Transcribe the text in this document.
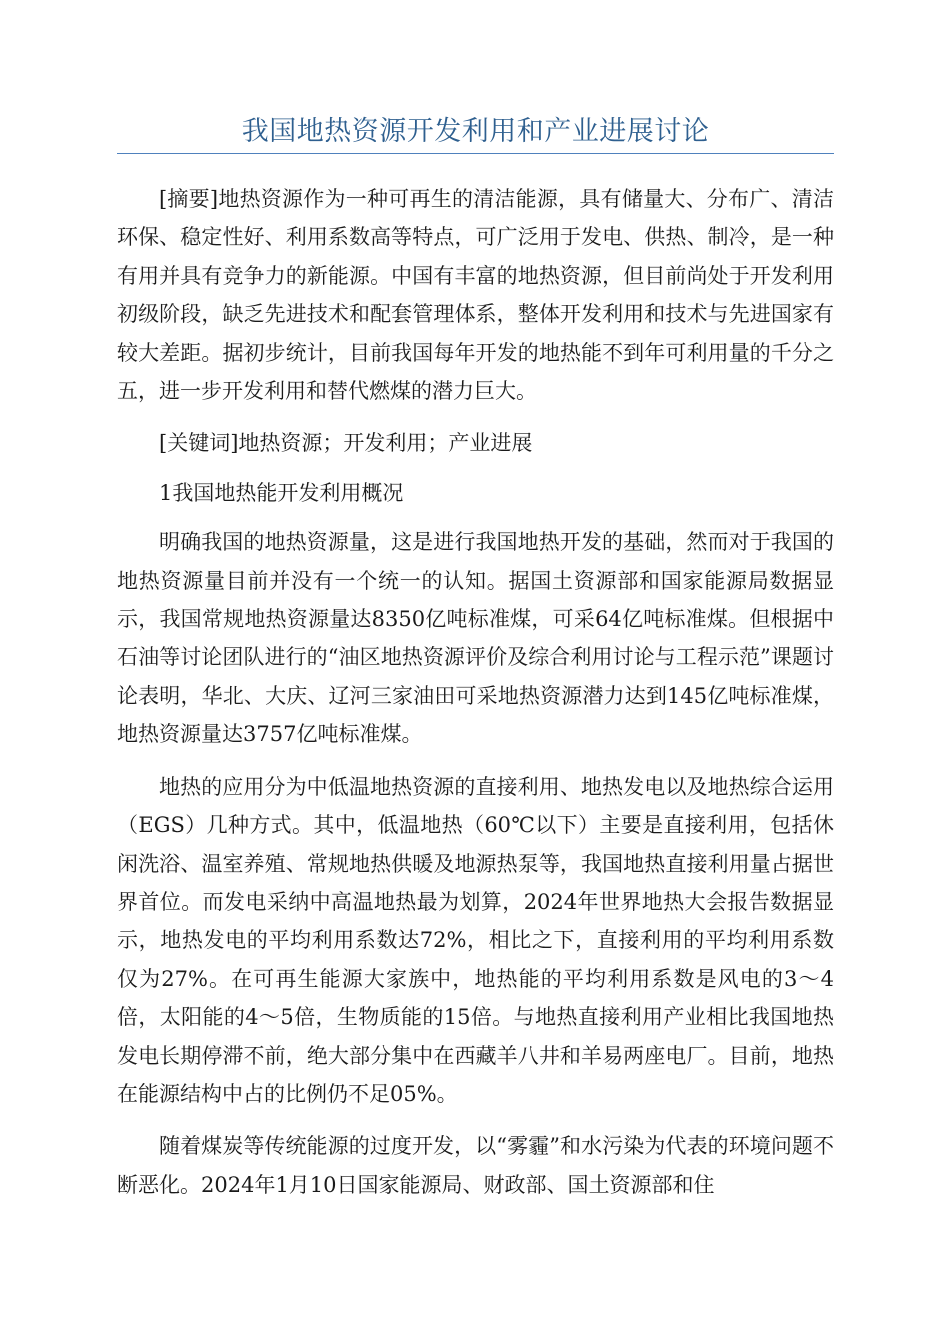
我国地热资源开发利用和产业进展讨论

[摘要]地热资源作为一种可再生的清洁能源，具有储量大、分布广、清洁环保、稳定性好、利用系数高等特点，可广泛用于发电、供热、制冷，是一种有用并具有竞争力的新能源。中国有丰富的地热资源，但目前尚处于开发利用初级阶段，缺乏先进技术和配套管理体系，整体开发利用和技术与先进国家有较大差距。据初步统计，目前我国每年开发的地热能不到年可利用量的千分之五，进一步开发利用和替代燃煤的潜力巨大。

[关键词]地热资源；开发利用；产业进展

1我国地热能开发利用概况

明确我国的地热资源量，这是进行我国地热开发的基础，然而对于我国的地热资源量目前并没有一个统一的认知。据国土资源部和国家能源局数据显示，我国常规地热资源量达8350亿吨标准煤，可采64亿吨标准煤。但根据中石油等讨论团队进行的“油区地热资源评价及综合利用讨论与工程示范”课题讨论表明，华北、大庆、辽河三家油田可采地热资源潜力达到145亿吨标准煤，地热资源量达3757亿吨标准煤。

地热的应用分为中低温地热资源的直接利用、地热发电以及地热综合运用（EGS）几种方式。其中，低温地热（60℃以下）主要是直接利用，包括休闲洗浴、温室养殖、常规地热供暖及地源热泵等，我国地热直接利用量占据世界首位。而发电采纳中高温地热最为划算，2024年世界地热大会报告数据显示，地热发电的平均利用系数达72%，相比之下，直接利用的平均利用系数仅为27%。在可再生能源大家族中，地热能的平均利用系数是风电的3～4倍，太阳能的4～5倍，生物质能的15倍。与地热直接利用产业相比我国地热发电长期停滞不前，绝大部分集中在西藏羊八井和羊易两座电厂。目前，地热在能源结构中占的比例仍不足05%。

随着煤炭等传统能源的过度开发，以“雾霾”和水污染为代表的环境问题不断恶化。2024年1月10日国家能源局、财政部、国土资源部和住
